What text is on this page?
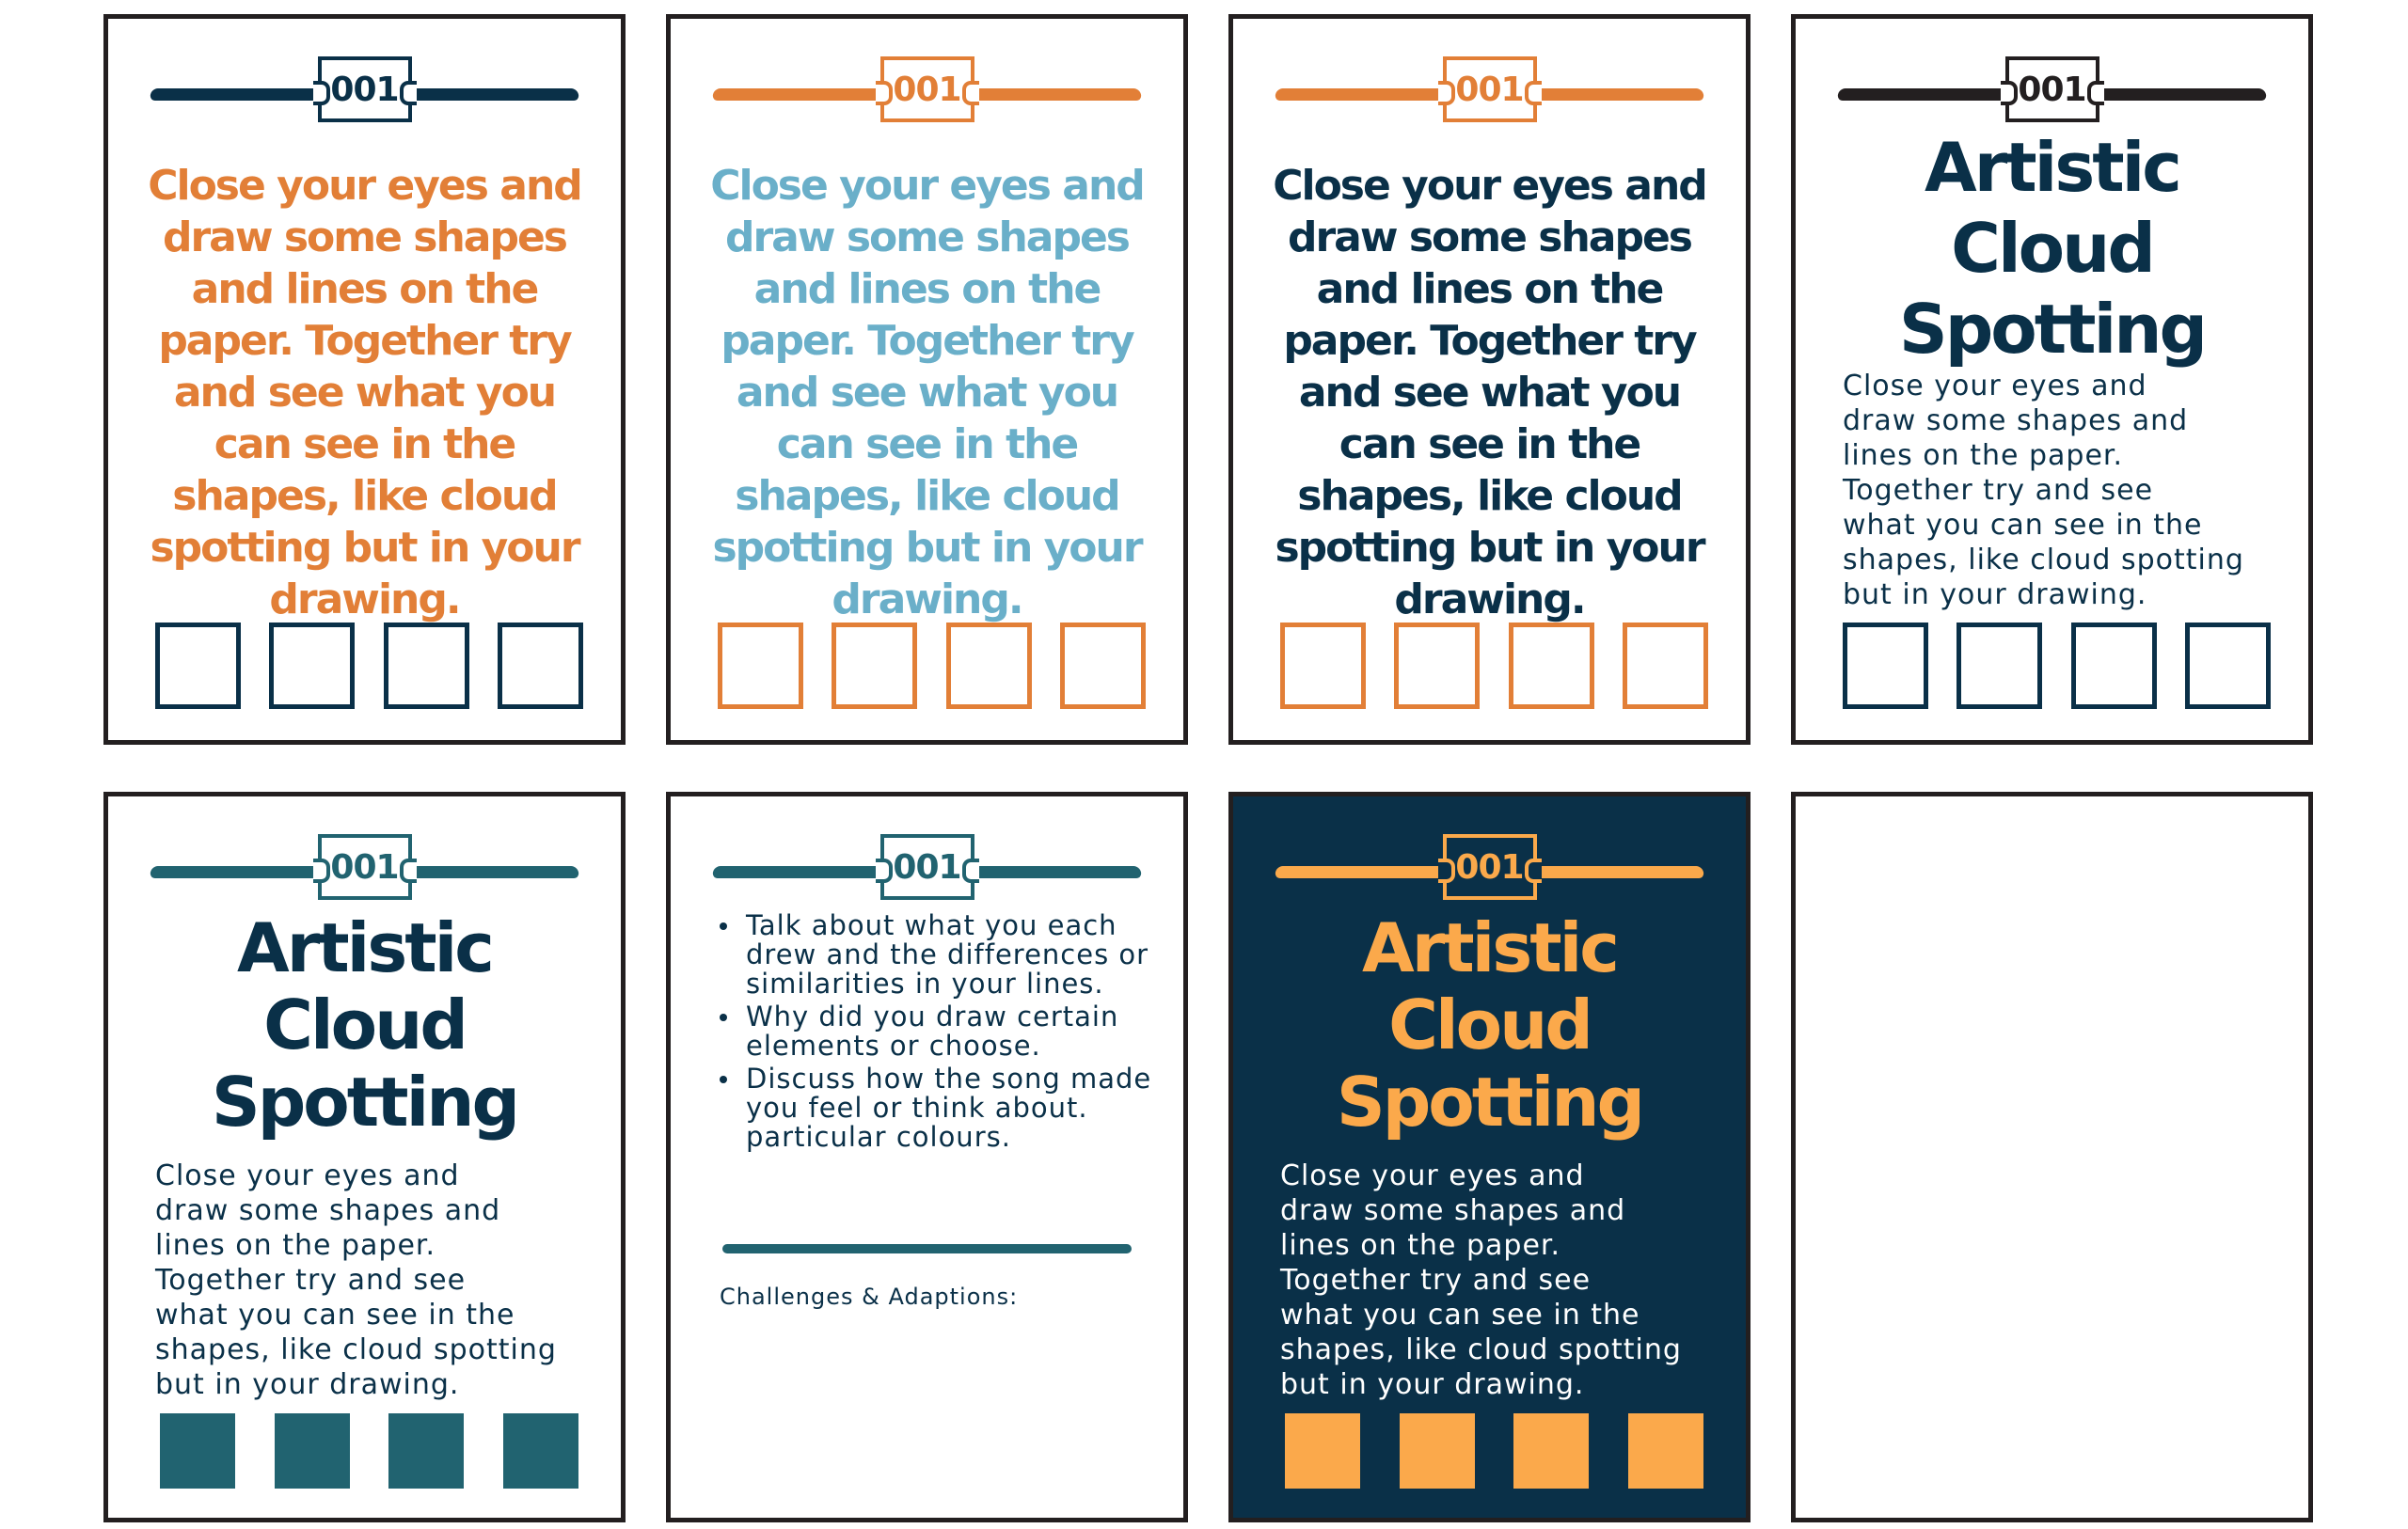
001
Close your eyes and draw some shapes and lines on the paper. Together try and see what you can see in the shapes, like cloud spotting but in your drawing.
001
Close your eyes and draw some shapes and lines on the paper. Together try and see what you can see in the shapes, like cloud spotting but in your drawing.
001
Close your eyes and draw some shapes and lines on the paper. Together try and see what you can see in the shapes, like cloud spotting but in your drawing.
001
Artistic
Cloud
Spotting
Close your eyes and
draw some shapes and
lines on the paper.
Together try and see
what you can see in the
shapes, like cloud spotting
but in your drawing.
001
Artistic
Cloud
Spotting
Close your eyes and
draw some shapes and
lines on the paper.
Together try and see
what you can see in the
shapes, like cloud spotting
but in your drawing.
001
Talk about what you each drew and the differences or similarities in your lines.
Why did you draw certain elements or choose.
Discuss how the song made you feel or think about. particular colours.
Challenges & Adaptions:
001
Artistic
Cloud
Spotting
Close your eyes and
draw some shapes and
lines on the paper.
Together try and see
what you can see in the
shapes, like cloud spotting
but in your drawing.
